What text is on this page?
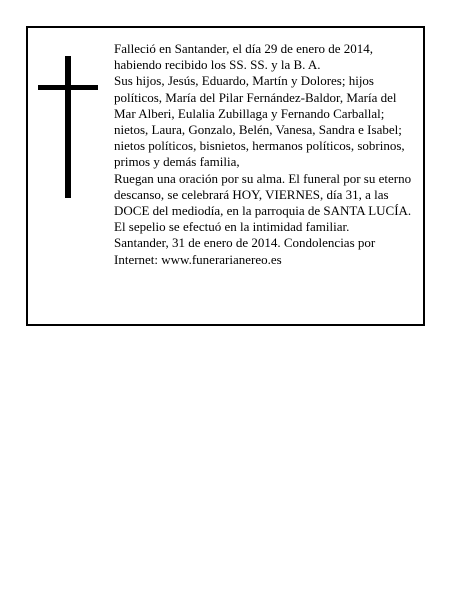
Falleció en Santander, el día 29 de enero de 2014, habiendo recibido los SS. SS. y la B. A.

Sus hijos, Jesús, Eduardo, Martín y Dolores; hijos políticos, María del Pilar Fernández-Baldor, María del Mar Alberi, Eulalia Zubillaga y Fernando Carballal; nietos, Laura, Gonzalo, Belén, Vanesa, Sandra e Isabel; nietos políticos, bisnietos, hermanos políticos, sobrinos, primos y demás familia,

Ruegan una oración por su alma. El funeral por su eterno descanso, se celebrará HOY, VIERNES, día 31, a las DOCE del mediodía, en la parroquia de SANTA LUCÍA. El sepelio se efectuó en la intimidad familiar.

Santander, 31 de enero de 2014. Condolencias por Internet: www.funerarianereo.es
